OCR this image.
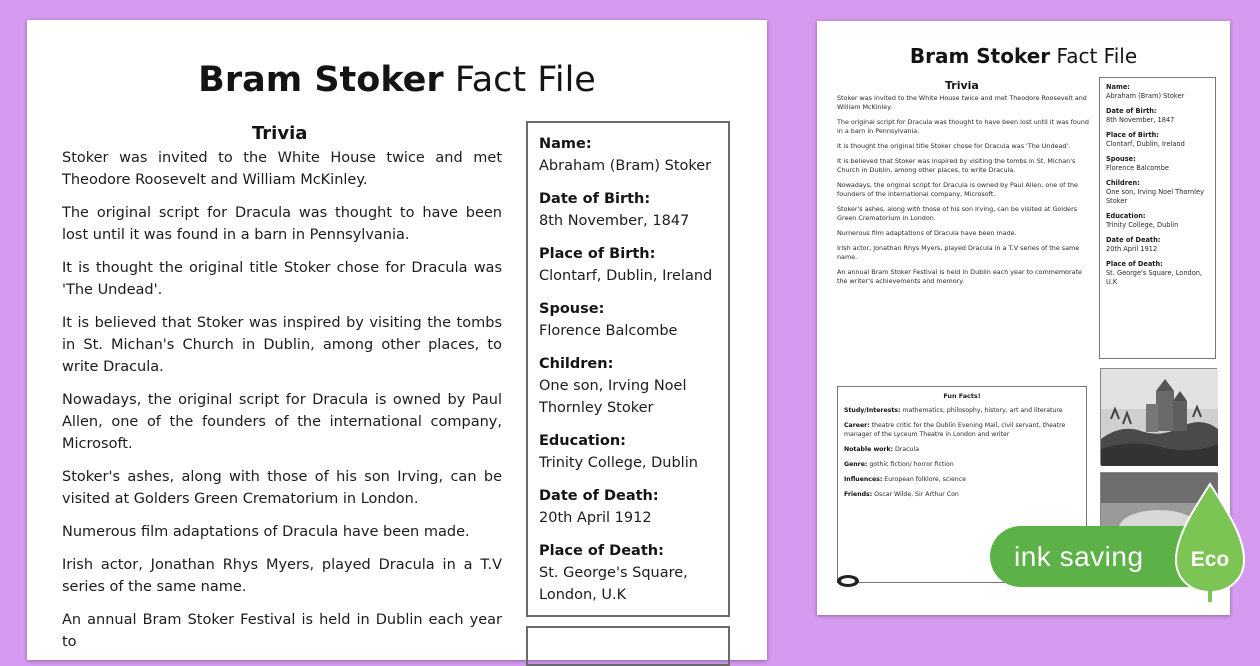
Bram Stoker Fact File
Trivia

Stoker was invited to the White House twice and met Theodore Roosevelt and William McKinley.

The original script for Dracula was thought to have been lost until it was found in a barn in Pennsylvania.

It is thought the original title Stoker chose for Dracula was 'The Undead'.

It is believed that Stoker was inspired by visiting the tombs in St. Michan's Church in Dublin, among other places, to write Dracula.

Nowadays, the original script for Dracula is owned by Paul Allen, one of the founders of the international company, Microsoft.

Stoker's ashes, along with those of his son Irving, can be visited at Golders Green Crematorium in London.

Numerous film adaptations of Dracula have been made.

Irish actor, Jonathan Rhys Myers, played Dracula in a T.V series of the same name.

An annual Bram Stoker Festival is held in Dublin each year to

Name:
Abraham (Bram) Stoker
Date of Birth:
8th November, 1847
Place of Birth:
Clontarf, Dublin, Ireland
Spouse:
Florence Balcombe
Children:
One son, Irving Noel Thornley Stoker
Education:
Trinity College, Dublin
Date of Death:
20th April 1912
Place of Death:
St. George's Square, London, U.K
Bram Stoker Fact File
Trivia

Stoker was invited to the White House twice and met Theodore Roosevelt and William McKinley.

The original script for Dracula was thought to have been lost until it was found in a barn in Pennsylvania.

It is thought the original title Stoker chose for Dracula was 'The Undead'.

It is believed that Stoker was inspired by visiting the tombs in St. Michan's Church in Dublin, among other places, to write Dracula.

Nowadays, the original script for Dracula is owned by Paul Allen, one of the founders of the international company, Microsoft.

Stoker's ashes, along with those of his son Irving, can be visited at Golders Green Crematorium in London.

Numerous film adaptations of Dracula have been made.

Irish actor, Jonathan Rhys Myers, played Dracula in a T.V series of the same name.

An annual Bram Stoker Festival is held in Dublin each year to commemorate the writer's achievements and memory.

Name:
Abraham (Bram) Stoker
Date of Birth:
8th November, 1847
Place of Birth:
Clontarf, Dublin, Ireland
Spouse:
Florence Balcombe
Children:
One son, Irving Noel Thornley Stoker
Education:
Trinity College, Dublin
Date of Death:
20th April 1912
Place of Death:
St. George's Square, London, U.K
Fun Facts!
Study/Interests: mathematics, philosophy, history, art and literature
Career: theatre critic for the Dublin Evening Mail, civil servant, theatre manager of the Lyceum Theatre in London and writer
Notable work: Dracula
Genre: gothic fiction/ horror fiction
Influences: European folklore, science
Friends: Oscar Wilde, Sir Arthur Con
ink saving Eco
